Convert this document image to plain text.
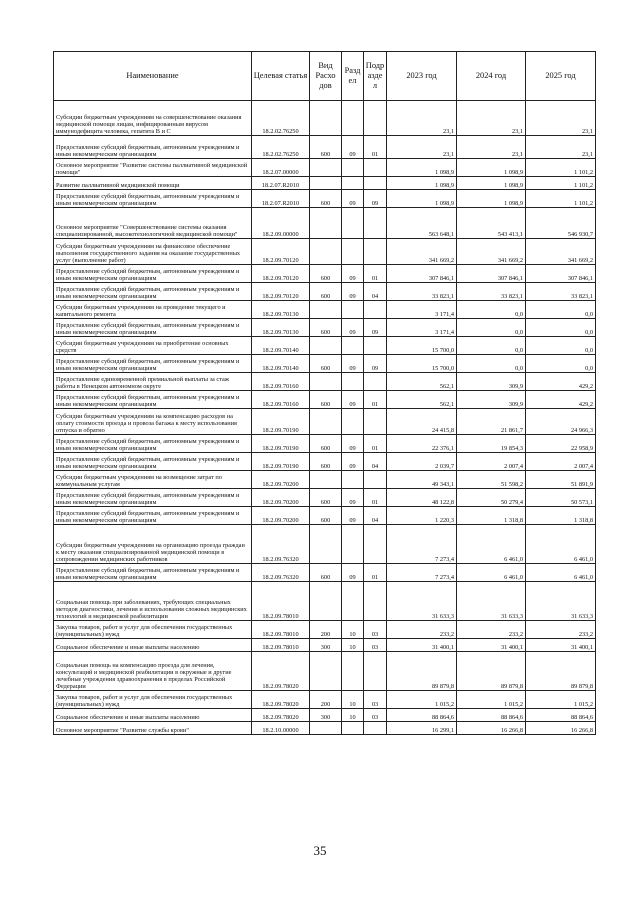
Наименование	Целевая статья	Вид Расхо дов	Разд ел	Подр азде л	2023 год	2024 год	2025 год
Субсидии бюджетным учреждениям на совершенствование оказания медицинской помощи лицам, инфицированным вирусом иммунодефицита человека, гепатита В и С	18.2.02.76250				23,1	23,1	23,1
Предоставление субсидий бюджетным, автономным учреждениям и иным некоммерческим организациям	18.2.02.76250	600	09	01	23,1	23,1	23,1
Основное мероприятие "Развитие системы паллиативной медицинской помощи"	18.2.07.00000				1 098,9	1 098,9	1 101,2
Развитие паллиативной медицинской помощи	18.2.07.R2010				1 098,9	1 098,9	1 101,2
Предоставление субсидий бюджетным, автономным учреждениям и иным некоммерческим организациям	18.2.07.R2010	600	09	09	1 098,9	1 098,9	1 101,2
Основное мероприятие "Совершенствование системы оказания специализированной, высокотехнологичной медицинской помощи"	18.2.09.00000				563 648,1	543 413,1	546 930,7
Субсидии бюджетным учреждениям на финансовое обеспечение выполнения государственного задания на оказание государственных услуг (выполнение работ)	18.2.09.70120				341 669,2	341 669,2	341 669,2
Предоставление субсидий бюджетным, автономным учреждениям и иным некоммерческим организациям	18.2.09.70120	600	09	01	307 846,1	307 846,1	307 846,1
Предоставление субсидий бюджетным, автономным учреждениям и иным некоммерческим организациям	18.2.09.70120	600	09	04	33 823,1	33 823,1	33 823,1
Субсидии бюджетным учреждениям на проведение текущего и капитального ремонта	18.2.09.70130				3 171,4	0,0	0,0
Предоставление субсидий бюджетным, автономным учреждениям и иным некоммерческим организациям	18.2.09.70130	600	09	09	3 171,4	0,0	0,0
Субсидии бюджетным учреждениям на приобретение основных средств	18.2.09.70140				15 700,0	0,0	0,0
Предоставление субсидий бюджетным, автономным учреждениям и иным некоммерческим организациям	18.2.09.70140	600	09	09	15 700,0	0,0	0,0
Предоставление единовременной премиальной выплаты за стаж работы в Ненецком автономном округе	18.2.09.70160				562,1	309,9	429,2
Предоставление субсидий бюджетным, автономным учреждениям и иным некоммерческим организациям	18.2.09.70160	600	09	01	562,1	309,9	429,2
Субсидии бюджетным учреждениям на компенсацию расходов на оплату стоимости проезда и провоза багажа к месту использования отпуска и обратно	18.2.09.70190				24 415,8	21 861,7	24 966,3
Предоставление субсидий бюджетным, автономным учреждениям и иным некоммерческим организациям	18.2.09.70190	600	09	01	22 376,1	19 854,3	22 958,9
Предоставление субсидий бюджетным, автономным учреждениям и иным некоммерческим организациям	18.2.09.70190	600	09	04	2 039,7	2 007,4	2 007,4
Субсидии бюджетным учреждениям на возмещение затрат по коммунальным услугам	18.2.09.70200				49 343,1	51 598,2	51 891,9
Предоставление субсидий бюджетным, автономным учреждениям и иным некоммерческим организациям	18.2.09.70200	600	09	01	48 122,8	50 279,4	50 573,1
Предоставление субсидий бюджетным, автономным учреждениям и иным некоммерческим организациям	18.2.09.70200	600	09	04	1 220,3	1 318,8	1 318,8
Субсидии бюджетным учреждениям на организацию проезда граждан к месту оказания специализированной медицинской помощи в сопровождении медицинских работников	18.2.09.76320				7 273,4	6 461,0	6 461,0
Предоставление субсидий бюджетным, автономным учреждениям и иным некоммерческим организациям	18.2.09.76320	600	09	01	7 273,4	6 461,0	6 461,0
Социальная помощь при заболеваниях, требующих специальных методов диагностики, лечения и использования сложных медицинских технологий и медицинской реабилитации	18.2.09.78010				31 633,3	31 633,3	31 633,3
Закупка товаров, работ и услуг для обеспечения государственных (муниципальных) нужд	18.2.09.78010	200	10	03	233,2	233,2	233,2
Социальное обеспечение и иные выплаты населению	18.2.09.78010	300	10	03	31 400,1	31 400,1	31 400,1
Социальная помощь на компенсацию проезда для лечения, консультаций и медицинской реабилитации в окружные и другие лечебные учреждения здравоохранения в пределах Российской Федерации	18.2.09.78020				89 879,8	89 879,8	89 879,8
Закупка товаров, работ и услуг для обеспечения государственных (муниципальных) нужд	18.2.09.78020	200	10	03	1 015,2	1 015,2	1 015,2
Социальное обеспечение и иные выплаты населению	18.2.09.78020	300	10	03	88 864,6	88 864,6	88 864,6
Основное мероприятие "Развитие службы крови"	18.2.10.00000				16 299,1	16 266,8	16 266,8
35
